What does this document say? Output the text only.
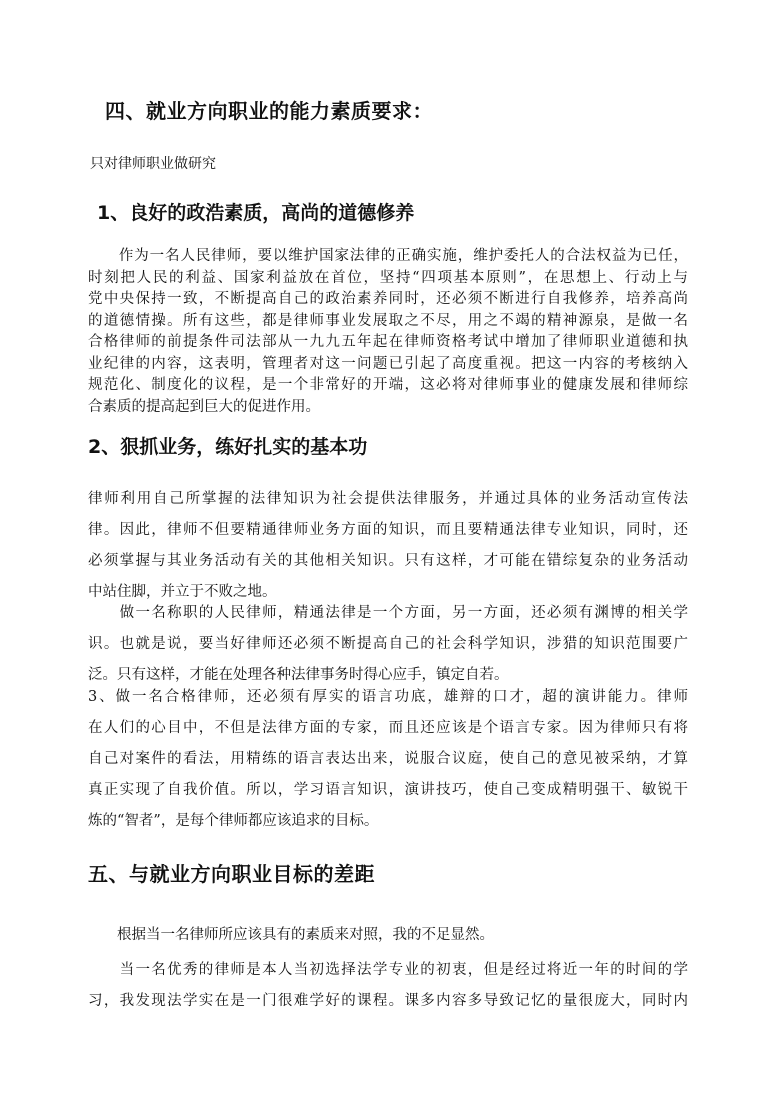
四、就业方向职业的能力素质要求：

只对律师职业做研究

1、良好的政浩素质，高尚的道德修养
　　作为一名人民律师，要以维护国家法律的正确实施，维护委托人的合法权益为已任，
时刻把人民的利益、国家利益放在首位，坚持“四项基本原则”，在思想上、行动上与
党中央保持一致，不断提高自己的政治素养同时，还必须不断进行自我修养，培养高尚
的道德情操。所有这些，都是律师事业发展取之不尽，用之不竭的精神源泉，是做一名
合格律师的前提条件司法部从一九九五年起在律师资格考试中增加了律师职业道德和执
业纪律的内容，这表明，管理者对这一问题已引起了高度重视。把这一内容的考核纳入
规范化、制度化的议程，是一个非常好的开端，这必将对律师事业的健康发展和律师综
合素质的提高起到巨大的促进作用。
2、狠抓业务，练好扎实的基本功
律师利用自己所掌握的法律知识为社会提供法律服务，并通过具体的业务活动宣传法
律。因此，律师不但要精通律师业务方面的知识，而且要精通法律专业知识，同时，还
必须掌握与其业务活动有关的其他相关知识。只有这样，才可能在错综复杂的业务活动
中站住脚，并立于不败之地。
　　做一名称职的人民律师，精通法律是一个方面，另一方面，还必须有渊博的相关学
识。也就是说，要当好律师还必须不断提高自己的社会科学知识，涉猎的知识范围要广
泛。只有这样，才能在处理各种法律事务时得心应手，镇定自若。
3、做一名合格律师，还必须有厚实的语言功底，雄辩的口才，超的演讲能力。律师
在人们的心目中，不但是法律方面的专家，而且还应该是个语言专家。因为律师只有将
自己对案件的看法，用精练的语言表达出来，说服合议庭，使自己的意见被采纳，才算
真正实现了自我价值。所以，学习语言知识，演讲技巧，使自己变成精明强干、敏锐干
炼的“智者”，是每个律师都应该追求的目标。
五、与就业方向职业目标的差距
　　根据当一名律师所应该具有的素质来对照，我的不足显然。
　　当一名优秀的律师是本人当初选择法学专业的初衷，但是经过将近一年的时间的学
习，我发现法学实在是一门很难学好的课程。课多内容多导致记忆的量很庞大，同时内
